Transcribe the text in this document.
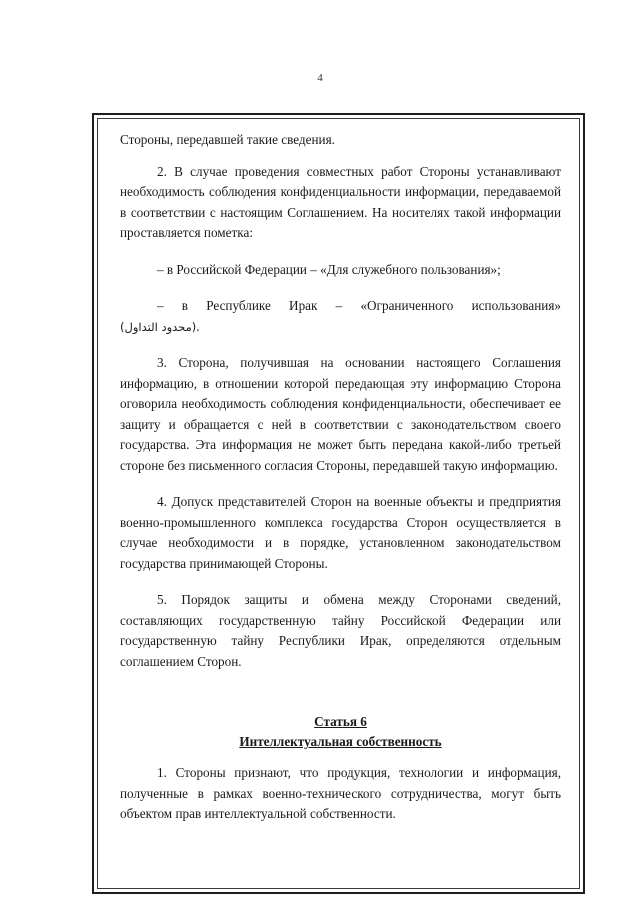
4

Стороны, передавшей такие сведения.

2. В случае проведения совместных работ Стороны устанавливают необходимость соблюдения конфиденциальности информации, передаваемой в соответствии с настоящим Соглашением. На носителях такой информации проставляется пометка:

– в Российской Федерации – «Для служебного пользования»;

– в Республике Ирак – «Ограниченного использования»

(محدود التداول).

3. Сторона, получившая на основании настоящего Соглашения информацию, в отношении которой передающая эту информацию Сторона оговорила необходимость соблюдения конфиденциальности, обеспечивает ее защиту и обращается с ней в соответствии с законодательством своего государства. Эта информация не может быть передана какой-либо третьей стороне без письменного согласия Стороны, передавшей такую информацию.

4. Допуск представителей Сторон на военные объекты и предприятия военно-промышленного комплекса государства Сторон осуществляется в случае необходимости и в порядке, установленном законодательством государства принимающей Стороны.

5. Порядок защиты и обмена между Сторонами сведений, составляющих государственную тайну Российской Федерации или государственную тайну Республики Ирак, определяются отдельным соглашением Сторон.

Статья 6
Интеллектуальная собственность

1. Стороны признают, что продукция, технологии и информация, полученные в рамках военно-технического сотрудничества, могут быть объектом прав интеллектуальной собственности.
